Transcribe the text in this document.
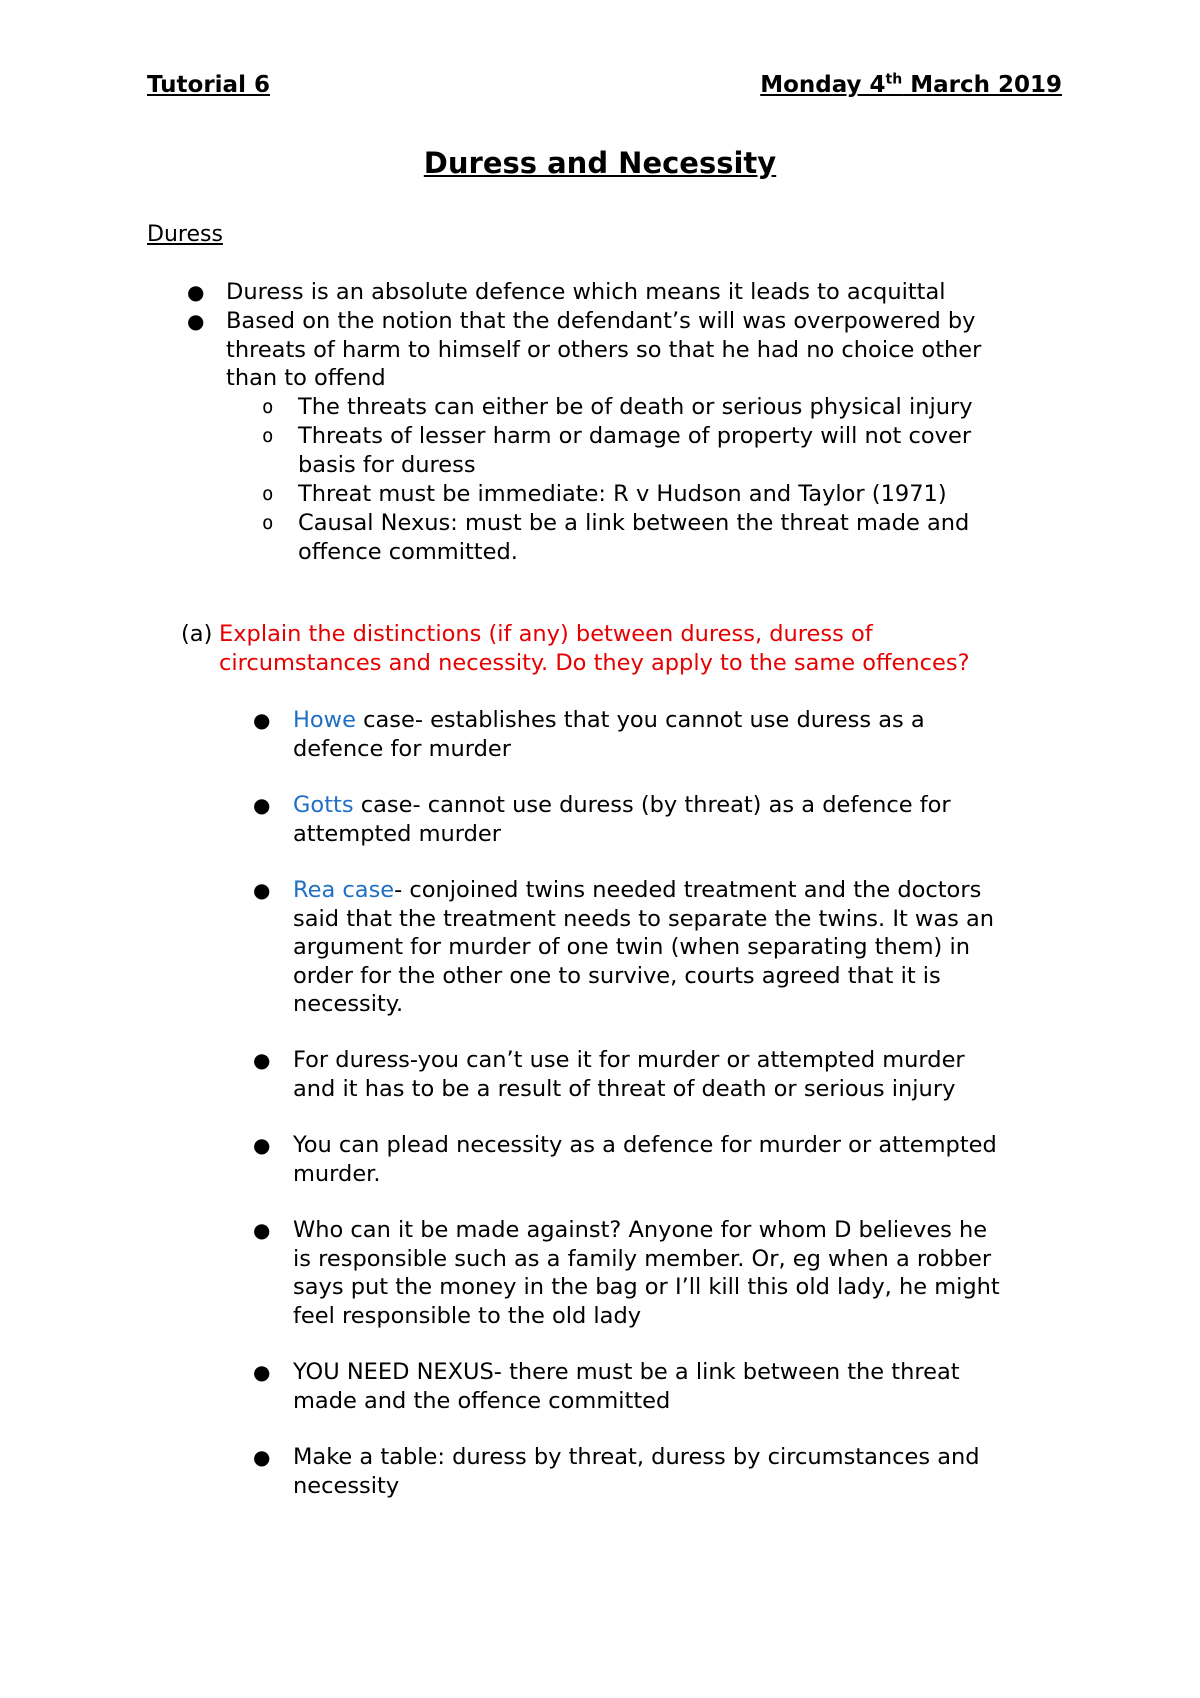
Tutorial 6	Monday 4th March 2019
Duress and Necessity
Duress
● Duress is an absolute defence which means it leads to acquittal
● Based on the notion that the defendant’s will was overpowered by
threats of harm to himself or others so that he had no choice other
than to offend
o The threats can either be of death or serious physical injury
o Threats of lesser harm or damage of property will not cover
basis for duress
o Threat must be immediate: R v Hudson and Taylor (1971)
o Causal Nexus: must be a link between the threat made and
offence committed.
(a) Explain the distinctions (if any) between duress, duress of
circumstances and necessity. Do they apply to the same offences?
● Howe case- establishes that you cannot use duress as a
defence for murder
● Gotts case- cannot use duress (by threat) as a defence for
attempted murder
● Rea case- conjoined twins needed treatment and the doctors
said that the treatment needs to separate the twins. It was an
argument for murder of one twin (when separating them) in
order for the other one to survive, courts agreed that it is
necessity.
● For duress-you can’t use it for murder or attempted murder
and it has to be a result of threat of death or serious injury
● You can plead necessity as a defence for murder or attempted
murder.
● Who can it be made against? Anyone for whom D believes he
is responsible such as a family member. Or, eg when a robber
says put the money in the bag or I’ll kill this old lady, he might
feel responsible to the old lady
● YOU NEED NEXUS- there must be a link between the threat
made and the offence committed
● Make a table: duress by threat, duress by circumstances and
necessity
